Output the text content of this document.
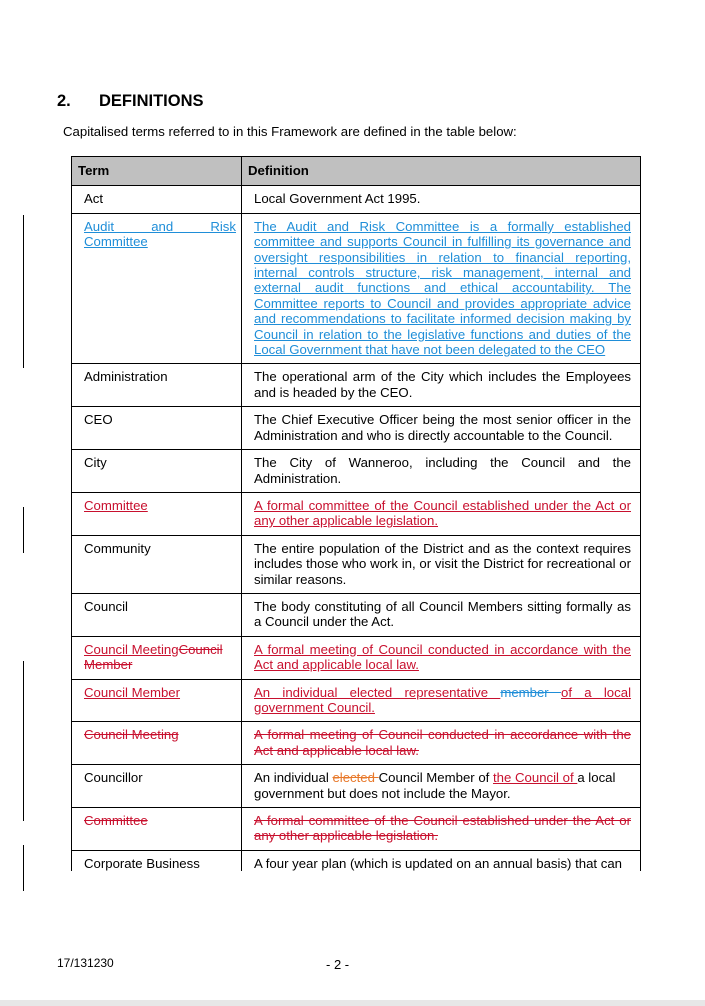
2. DEFINITIONS
Capitalised terms referred to in this Framework are defined in the table below:
Term	Definition
Act	Local Government Act 1995.

Audit and Risk Committee	The Audit and Risk Committee is a formally established committee and supports Council in fulfilling its governance and oversight responsibilities in relation to financial reporting, internal controls structure, risk management, internal and external audit functions and ethical accountability. The Committee reports to Council and provides appropriate advice and recommendations to facilitate informed decision making by Council in relation to the legislative functions and duties of the Local Government that have not been delegated to the CEO
Administration	The operational arm of the City which includes the Employees and is headed by the CEO.
CEO	The Chief Executive Officer being the most senior officer in the Administration and who is directly accountable to the Council.
City	The City of Wanneroo, including the Council and the Administration.
Committee	A formal committee of the Council established under the Act or any other applicable legislation.
Community	The entire population of the District and as the context requires includes those who work in, or visit the District for recreational or similar reasons.
Council	The body constituting of all Council Members sitting formally as a Council under the Act.
Council MeetingCouncil Member	A formal meeting of Council conducted in accordance with the Act and applicable local law.
Council Member	An individual elected representative member of a local government Council.
Council Meeting	A formal meeting of Council conducted in accordance with the Act and applicable local law.
Councillor	An individual elected Council Member of the Council of a local government but does not include the Mayor.
Committee	A formal committee of the Council established under the Act or any other applicable legislation.

Corporate Business	A four year plan (which is updated on an annual basis) that can
17/131230	- 2 -
